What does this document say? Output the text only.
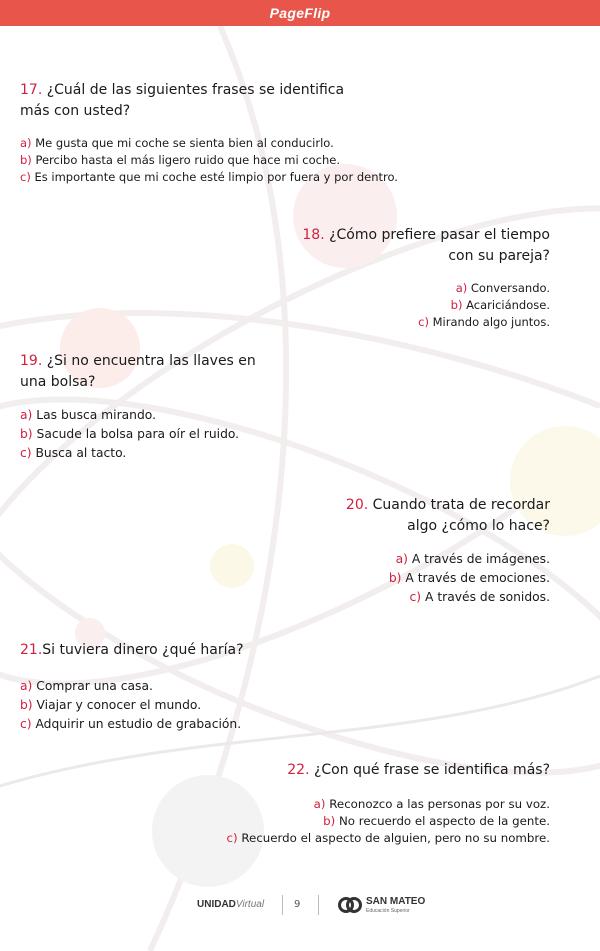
PageFlip

17. ¿Cuál de las siguientes frases se identifica
más con usted?

a) Me gusta que mi coche se sienta bien al conducirlo.
b) Percibo hasta el más ligero ruido que hace mi coche.
c) Es importante que mi coche esté limpio por fuera y por dentro.

18. ¿Cómo prefiere pasar el tiempo
con su pareja?

a) Conversando.
b) Acariciándose.
c) Mirando algo juntos.

19. ¿Si no encuentra las llaves en
una bolsa?

a) Las busca mirando.
b) Sacude la bolsa para oír el ruido.
c) Busca al tacto.

20. Cuando trata de recordar
algo ¿cómo lo hace?

a) A través de imágenes.
b) A través de emociones.
c) A través de sonidos.

21.Si tuviera dinero ¿qué haría?

a) Comprar una casa.
b) Viajar y conocer el mundo.
c) Adquirir un estudio de grabación.

22. ¿Con qué frase se identifica más?

a) Reconozco a las personas por su voz.
b) No recuerdo el aspecto de la gente.
c) Recuerdo el aspecto de alguien, pero no su nombre.
UNIDADVirtual	9	SAN MATEO
Educación Superior
